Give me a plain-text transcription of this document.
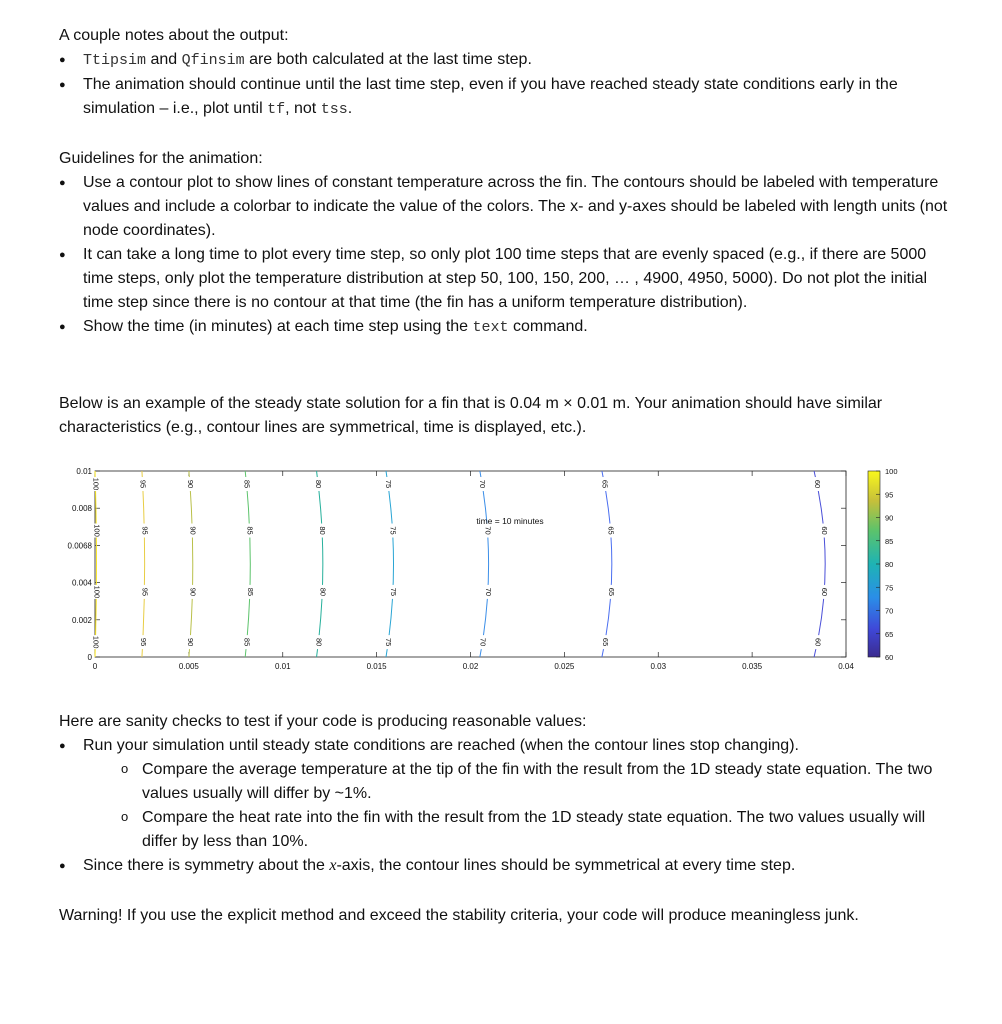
A couple notes about the output:
● Ttipsim and Qfinsim are both calculated at the last time step.
● The animation should continue until the last time step, even if you have reached steady state conditions early in the simulation – i.e., plot until tf, not tss.
Guidelines for the animation:
● Use a contour plot to show lines of constant temperature across the fin. The contours should be labeled with temperature values and include a colorbar to indicate the value of the colors. The x- and y-axes should be labeled with length units (not node coordinates).
● It can take a long time to plot every time step, so only plot 100 time steps that are evenly spaced (e.g., if there are 5000 time steps, only plot the temperature distribution at step 50, 100, 150, 200, … , 4900, 4950, 5000). Do not plot the initial time step since there is no contour at that time (the fin has a uniform temperature distribution).
● Show the time (in minutes) at each time step using the text command.
Below is an example of the steady state solution for a fin that is 0.04 m × 0.01 m. Your animation should have similar characteristics (e.g., contour lines are symmetrical, time is displayed, etc.).
100
100
100
100
95
95
95
95
90
90
90
90
85
85
85
85
80
80
80
80
75
75
75
75
70
70
70
70
65
65
65
65
60
60
60
60
0	0.005	0.01	0.015	0.02	0.025	0.03	0.035	0.04
0
0.002
0.004
0.0068
0.008
0.01
time = 10 minutes
100
95
90
85
80
75
70
65
60
Here are sanity checks to test if your code is producing reasonable values:
● Run your simulation until steady state conditions are reached (when the contour lines stop changing).
o Compare the average temperature at the tip of the fin with the result from the 1D steady state equation. The two values usually will differ by ~1%.
o Compare the heat rate into the fin with the result from the 1D steady state equation. The two values usually will differ by less than 10%.
● Since there is symmetry about the x-axis, the contour lines should be symmetrical at every time step.
Warning! If you use the explicit method and exceed the stability criteria, your code will produce meaningless junk.
